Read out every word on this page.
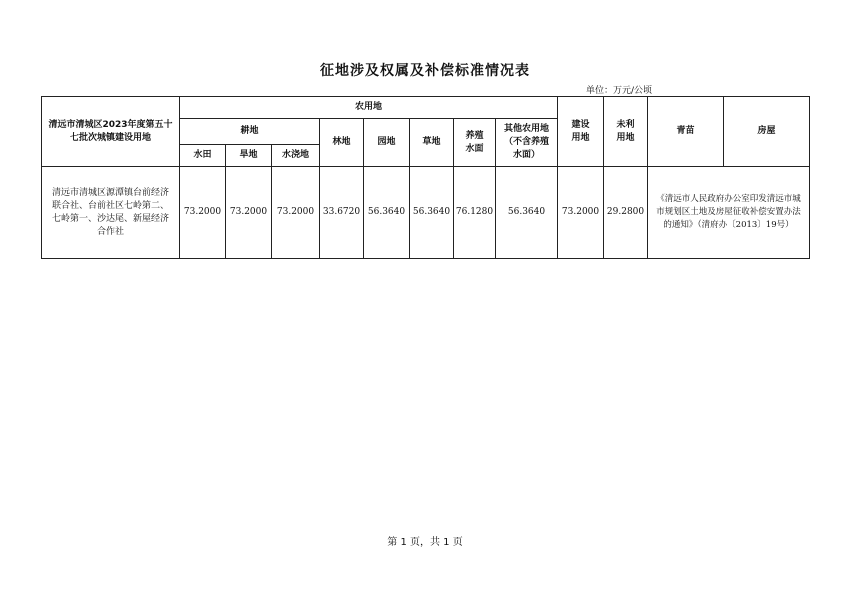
征地涉及权属及补偿标准情况表
单位：万元/公顷
清远市清城区2023年度第五十七批次城镇建设用地	农用地								建设用地	未利用地	青苗	房屋
	耕地			林地	园地	草地	养殖水面	其他农用地（不含养殖水面）				
	水田	旱地	水浇地									
清远市清城区源潭镇台前经济联合社、台前社区七岭第二、七岭第一、沙达尾、新屋经济合作社	73.2000	73.2000	73.2000	33.6720	56.3640	56.3640	76.1280	56.3640	73.2000	29.2800	《清远市人民政府办公室印发清远市城市规划区土地及房屋征收补偿安置办法的通知》（清府办〔2013〕19号）	
第 1 页，共 1 页
